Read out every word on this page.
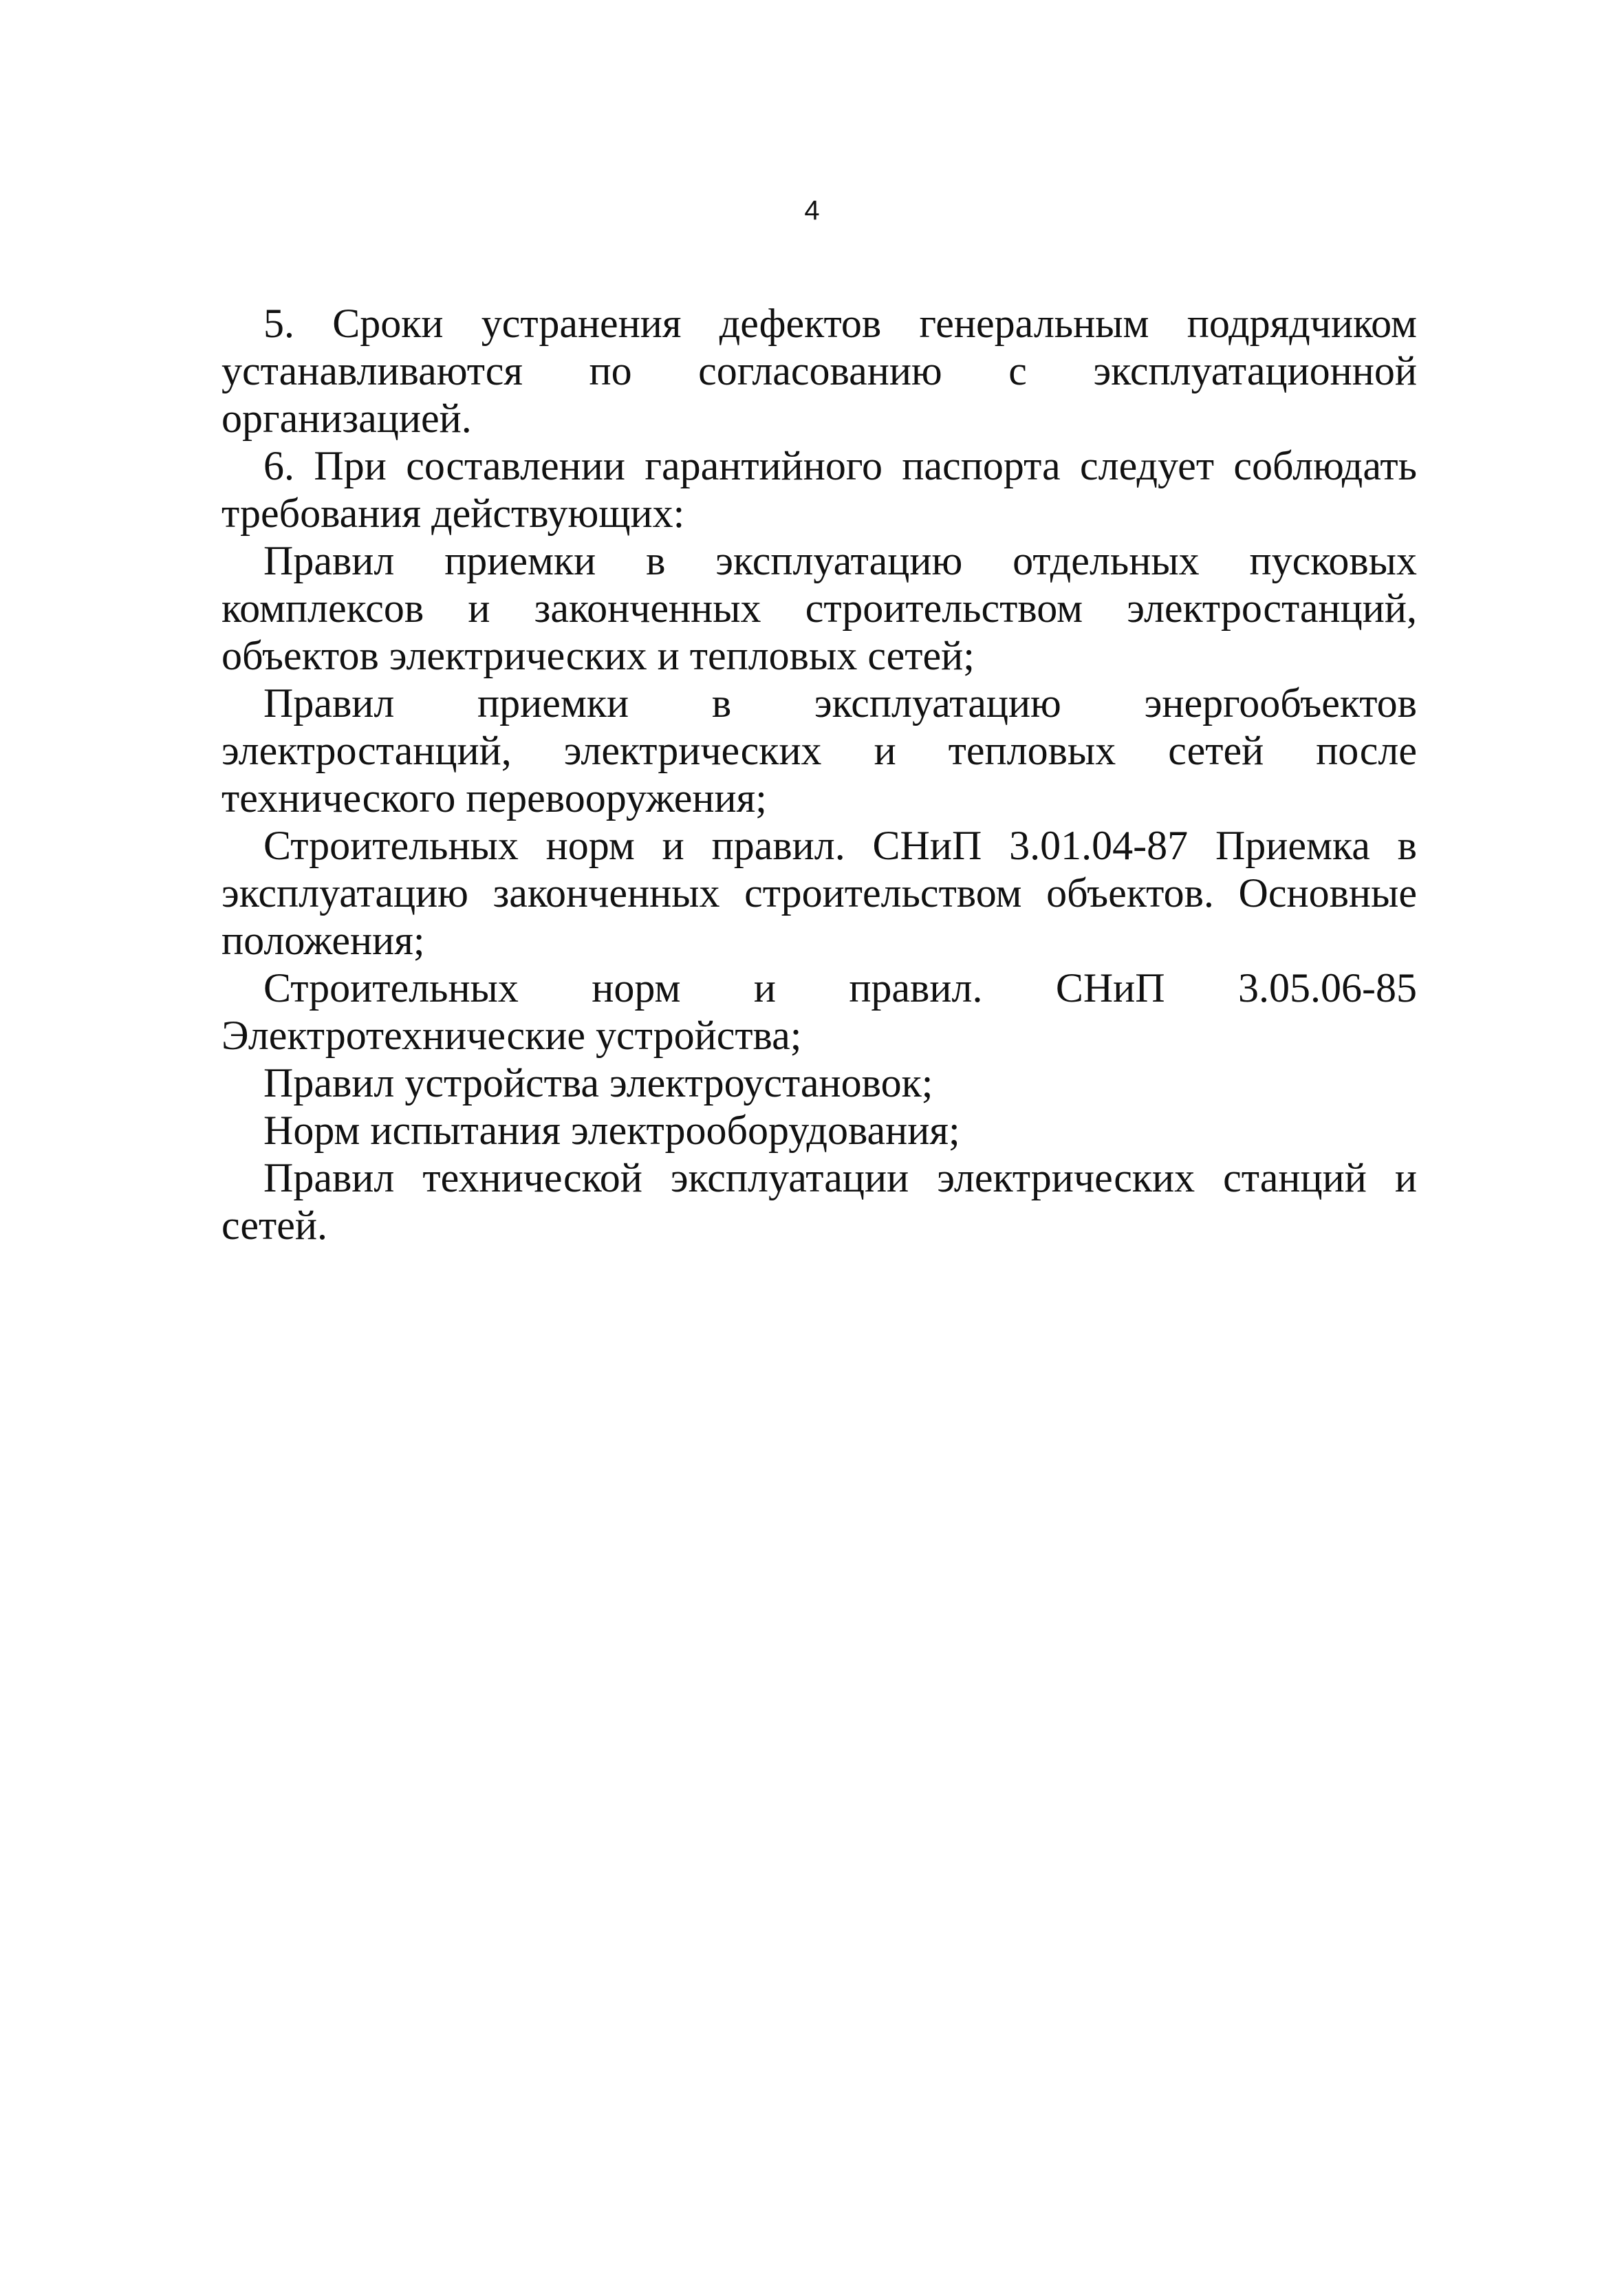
4

5. Сроки устранения дефектов генеральным подрядчиком устанавливаются по согласованию с эксплуатационной организацией.

6. При составлении гарантийного паспорта следует соблюдать требования действующих:

Правил приемки в эксплуатацию отдельных пусковых комплексов и законченных строительством электростанций, объектов электрических и тепловых сетей;

Правил приемки в эксплуатацию энергообъектов электростанций, электрических и тепловых сетей после технического перевооружения;

Строительных норм и правил. СНиП 3.01.04-87 Приемка в эксплуатацию законченных строительством объектов. Основные положения;

Строительных норм и правил. СНиП 3.05.06-85 Электротехнические устройства;

Правил устройства электроустановок;

Норм испытания электрооборудования;

Правил технической эксплуатации электрических станций и сетей.
